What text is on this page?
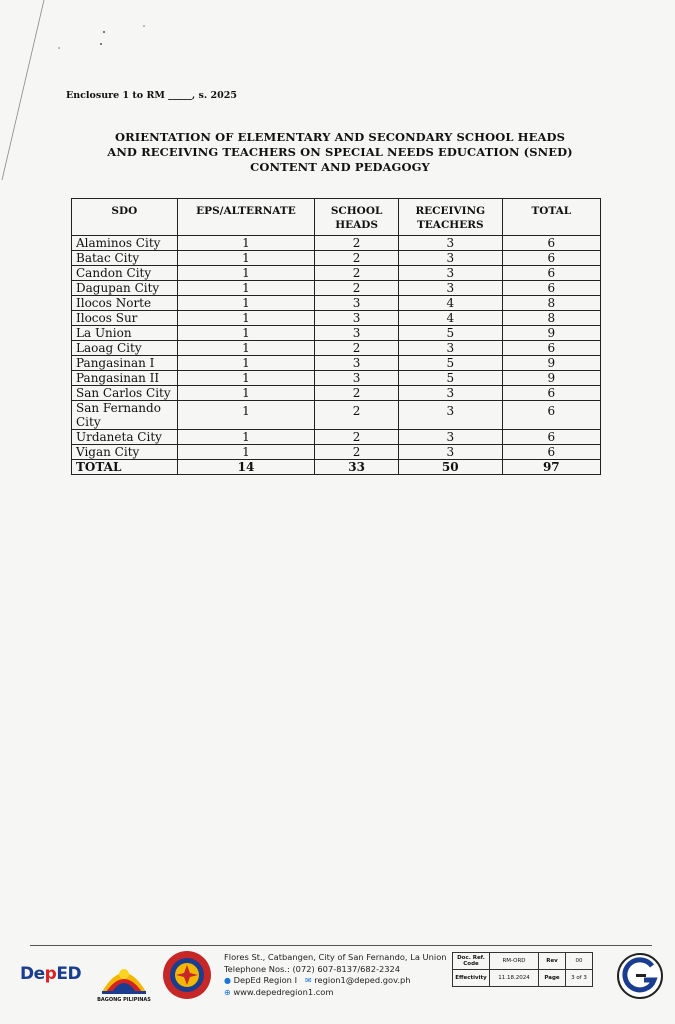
Enclosure 1 to RM _____, s. 2025
ORIENTATION OF ELEMENTARY AND SECONDARY SCHOOL HEADS
AND RECEIVING TEACHERS ON SPECIAL NEEDS EDUCATION (SNED)
CONTENT AND PEDAGOGY
SDO	EPS/ALTERNATE	SCHOOL HEADS	RECEIVING TEACHERS	TOTAL
Alaminos City	1	2	3	6
Batac City	1	2	3	6
Candon City	1	2	3	6
Dagupan City	1	2	3	6
Ilocos Norte	1	3	4	8
Ilocos Sur	1	3	4	8
La Union	1	3	5	9
Laoag City	1	2	3	6
Pangasinan I	1	3	5	9
Pangasinan II	1	3	5	9
San Carlos City	1	2	3	6
San Fernando City	1	2	3	6
Urdaneta City	1	2	3	6
Vigan City	1	2	3	6
TOTAL	14	33	50	97
DepED
BAGONG PILIPINAS
Flores St., Catbangen, City of San Fernando, La Union
Telephone Nos.: (072) 607-8137/682-2324
● DepEd Region I ✉ region1@deped.gov.ph
⊕ www.depedregion1.com
Doc. Ref. Code	RM-ORD	Rev	00
Effectivity	11.18.2024	Page	3 of 3
